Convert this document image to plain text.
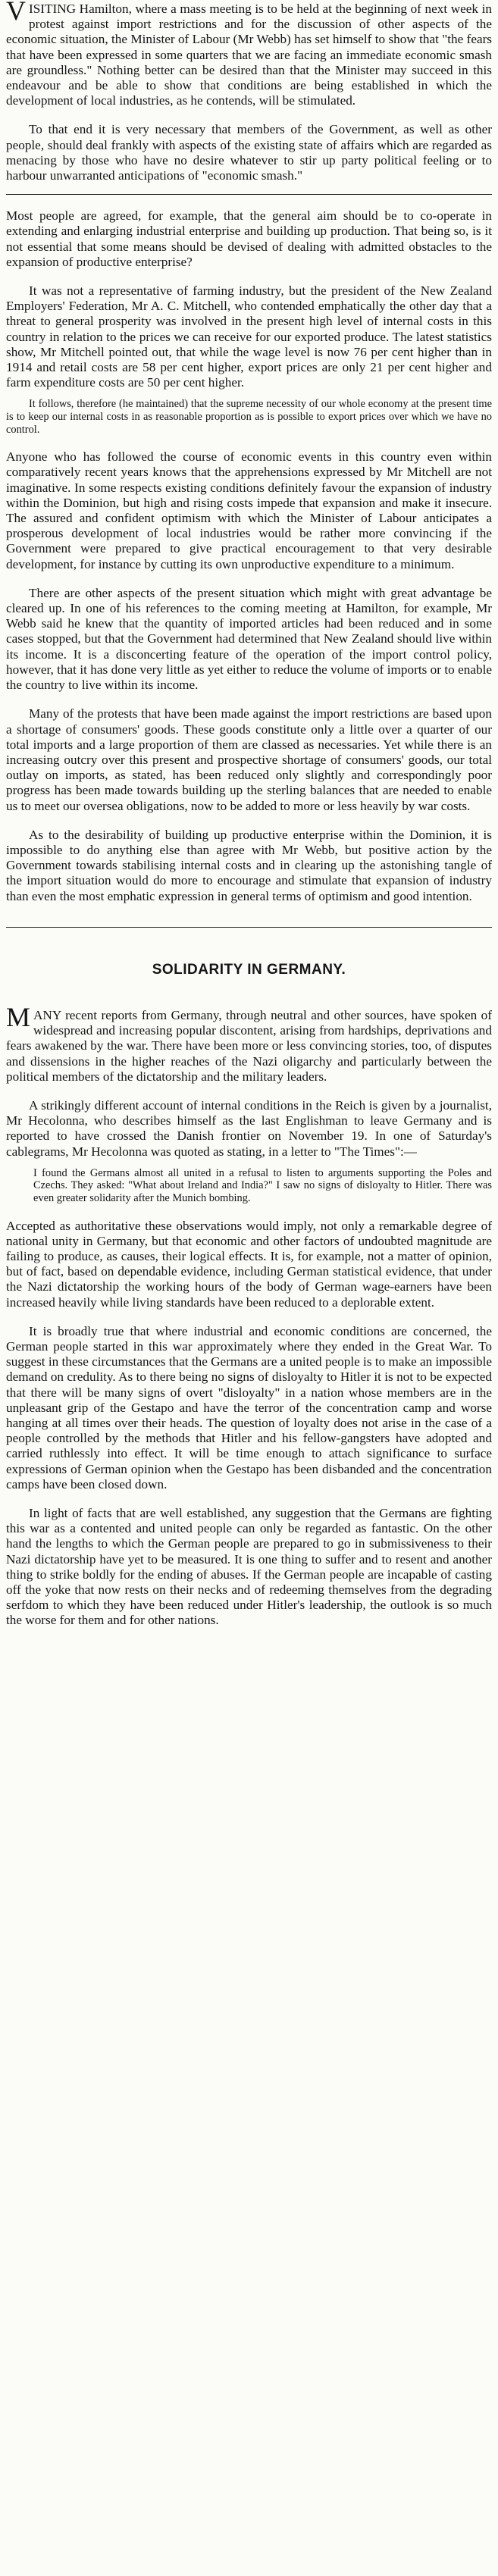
VISITING Hamilton, where a mass meeting is to be held at the beginning of next week in protest against import restrictions and for the discussion of other aspects of the economic situation, the Minister of Labour (Mr Webb) has set himself to show that "the fears that have been expressed in some quarters that we are facing an immediate economic smash are groundless." Nothing better can be desired than that the Minister may succeed in this endeavour and be able to show that conditions are being established in which the development of local industries, as he contends, will be stimulated.

To that end it is very necessary that members of the Government, as well as other people, should deal frankly with aspects of the existing state of affairs which are regarded as menacing by those who have no desire whatever to stir up party political feeling or to harbour unwarranted anticipations of "economic smash."

Most people are agreed, for example, that the general aim should be to co-operate in extending and enlarging industrial enterprise and building up production. That being so, is it not essential that some means should be devised of dealing with admitted obstacles to the expansion of productive enterprise?

It was not a representative of farming industry, but the president of the New Zealand Employers' Federation, Mr A. C. Mitchell, who contended emphatically the other day that a threat to general prosperity was involved in the present high level of internal costs in this country in relation to the prices we can receive for our exported produce. The latest statistics show, Mr Mitchell pointed out, that while the wage level is now 76 per cent higher than in 1914 and retail costs are 58 per cent higher, export prices are only 21 per cent higher and farm expenditure costs are 50 per cent higher.

It follows, therefore (he maintained) that the supreme necessity of our whole economy at the present time is to keep our internal costs in as reasonable proportion as is possible to export prices over which we have no control.

Anyone who has followed the course of economic events in this country even within comparatively recent years knows that the apprehensions expressed by Mr Mitchell are not imaginative. In some respects existing conditions definitely favour the expansion of industry within the Dominion, but high and rising costs impede that expansion and make it insecure. The assured and confident optimism with which the Minister of Labour anticipates a prosperous development of local industries would be rather more convincing if the Government were prepared to give practical encouragement to that very desirable development, for instance by cutting its own unproductive expenditure to a minimum.

There are other aspects of the present situation which might with great advantage be cleared up. In one of his references to the coming meeting at Hamilton, for example, Mr Webb said he knew that the quantity of imported articles had been reduced and in some cases stopped, but that the Government had determined that New Zealand should live within its income. It is a disconcerting feature of the operation of the import control policy, however, that it has done very little as yet either to reduce the volume of imports or to enable the country to live within its income.

Many of the protests that have been made against the import restrictions are based upon a shortage of consumers' goods. These goods constitute only a little over a quarter of our total imports and a large proportion of them are classed as necessaries. Yet while there is an increasing outcry over this present and prospective shortage of consumers' goods, our total outlay on imports, as stated, has been reduced only slightly and correspondingly poor progress has been made towards building up the sterling balances that are needed to enable us to meet our oversea obligations, now to be added to more or less heavily by war costs.

As to the desirability of building up productive enterprise within the Dominion, it is impossible to do anything else than agree with Mr Webb, but positive action by the Government towards stabilising internal costs and in clearing up the astonishing tangle of the import situation would do more to encourage and stimulate that expansion of industry than even the most emphatic expression in general terms of optimism and good intention.

SOLIDARITY IN GERMANY.

MANY recent reports from Germany, through neutral and other sources, have spoken of widespread and increasing popular discontent, arising from hardships, deprivations and fears awakened by the war. There have been more or less convincing stories, too, of disputes and dissensions in the higher reaches of the Nazi oligarchy and particularly between the political members of the dictatorship and the military leaders.

A strikingly different account of internal conditions in the Reich is given by a journalist, Mr Hecolonna, who describes himself as the last Englishman to leave Germany and is reported to have crossed the Danish frontier on November 19. In one of Saturday's cablegrams, Mr Hecolonna was quoted as stating, in a letter to "The Times":—

I found the Germans almost all united in a refusal to listen to arguments supporting the Poles and Czechs. They asked: "What about Ireland and India?" I saw no signs of disloyalty to Hitler. There was even greater solidarity after the Munich bombing.

Accepted as authoritative these observations would imply, not only a remarkable degree of national unity in Germany, but that economic and other factors of undoubted magnitude are failing to produce, as causes, their logical effects. It is, for example, not a matter of opinion, but of fact, based on dependable evidence, including German statistical evidence, that under the Nazi dictatorship the working hours of the body of German wage-earners have been increased heavily while living standards have been reduced to a deplorable extent.

It is broadly true that where industrial and economic conditions are concerned, the German people started in this war approximately where they ended in the Great War. To suggest in these circumstances that the Germans are a united people is to make an impossible demand on credulity. As to there being no signs of disloyalty to Hitler it is not to be expected that there will be many signs of overt "disloyalty" in a nation whose members are in the unpleasant grip of the Gestapo and have the terror of the concentration camp and worse hanging at all times over their heads. The question of loyalty does not arise in the case of a people controlled by the methods that Hitler and his fellow-gangsters have adopted and carried ruthlessly into effect. It will be time enough to attach significance to surface expressions of German opinion when the Gestapo has been disbanded and the concentration camps have been closed down.

In light of facts that are well established, any suggestion that the Germans are fighting this war as a contented and united people can only be regarded as fantastic. On the other hand the lengths to which the German people are prepared to go in submissiveness to their Nazi dictatorship have yet to be measured. It is one thing to suffer and to resent and another thing to strike boldly for the ending of abuses. If the German people are incapable of casting off the yoke that now rests on their necks and of redeeming themselves from the degrading serfdom to which they have been reduced under Hitler's leadership, the outlook is so much the worse for them and for other nations.
